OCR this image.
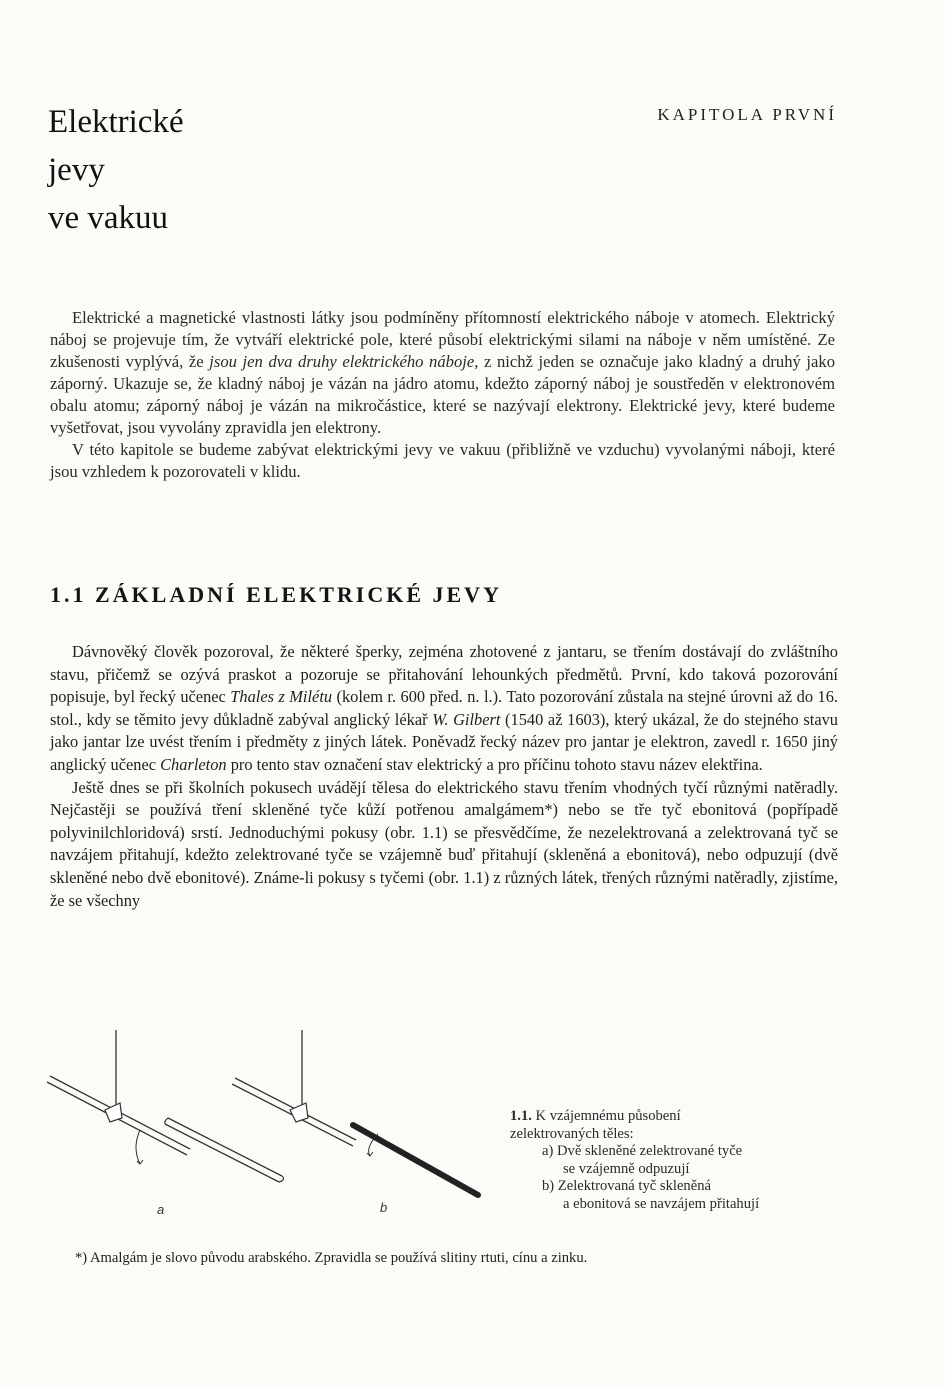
Elektrické
jevy
ve vakuu
KAPITOLA PRVNÍ

Elektrické a magnetické vlastnosti látky jsou podmíněny přítomností elektrického náboje v atomech. Elektrický náboj se projevuje tím, že vytváří elektrické pole, které působí elektrickými silami na náboje v něm umístěné. Ze zkušenosti vyplývá, že jsou jen dva druhy elektrického náboje, z nichž jeden se označuje jako kladný a druhý jako záporný. Ukazuje se, že kladný náboj je vázán na jádro atomu, kdežto záporný náboj je soustředěn v elektronovém obalu atomu; záporný náboj je vázán na mikročástice, které se nazývají elektrony. Elektrické jevy, které budeme vyšetřovat, jsou vyvolány zpravidla jen elektrony.

V této kapitole se budeme zabývat elektrickými jevy ve vakuu (přibližně ve vzduchu) vyvolanými náboji, které jsou vzhledem k pozorovateli v klidu.

1.1 ZÁKLADNÍ ELEKTRICKÉ JEVY

Dávnověký člověk pozoroval, že některé šperky, zejména zhotovené z jantaru, se třením dostávají do zvláštního stavu, přičemž se ozývá praskot a pozoruje se přitahování lehounkých předmětů. První, kdo taková pozorování popisuje, byl řecký učenec Thales z Milétu (kolem r. 600 před. n. l.). Tato pozorování zůstala na stejné úrovni až do 16. stol., kdy se těmito jevy důkladně zabýval anglický lékař W. Gilbert (1540 až 1603), který ukázal, že do stejného stavu jako jantar lze uvést třením i předměty z jiných látek. Poněvadž řecký název pro jantar je elektron, zavedl r. 1650 jiný anglický učenec Charleton pro tento stav označení stav elektrický a pro příčinu tohoto stavu název elektřina.

Ještě dnes se při školních pokusech uvádějí tělesa do elektrického stavu třením vhodných tyčí různými natěradly. Nejčastěji se používá tření skleněné tyče kůží potřenou amalgámem*) nebo se tře tyč ebonitová (popřípadě polyvinilchloridová) srstí. Jednoduchými pokusy (obr. 1.1) se přesvědčíme, že nezelektrovaná a zelektrovaná tyč se navzájem přitahují, kdežto zelektrované tyče se vzájemně buď přitahují (skleněná a ebonitová), nebo odpuzují (dvě skleněné nebo dvě ebonitové). Známe-li pokusy s tyčemi (obr. 1.1) z různých látek, třených různými natěradly, zjistíme, že se všechny

a	b
1.1. K vzájemnému působení
zelektrovaných těles:
a) Dvě skleněné zelektrované tyče
se vzájemně odpuzují
b) Zelektrovaná tyč skleněná
a ebonitová se navzájem přitahují
*) Amalgám je slovo původu arabského. Zpravidla se používá slitiny rtuti, cínu a zinku.
